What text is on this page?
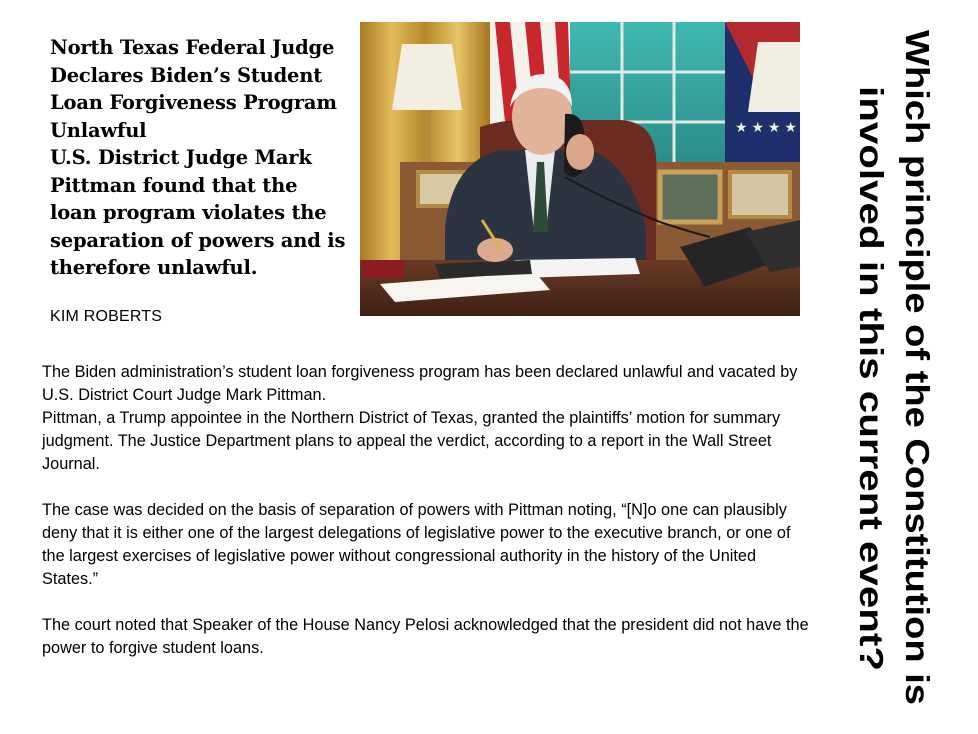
North Texas Federal Judge Declares Biden’s Student Loan Forgiveness Program Unlawful
U.S. District Judge Mark Pittman found that the loan program violates the separation of powers and is therefore unlawful.

KIM ROBERTS

★ ★ ★ ★

The Biden administration’s student loan forgiveness program has been declared unlawful and vacated by U.S. District Court Judge Mark Pittman.

Pittman, a Trump appointee in the Northern District of Texas, granted the plaintiffs’ motion for summary judgment. The Justice Department plans to appeal the verdict, according to a report in the Wall Street Journal.

The case was decided on the basis of separation of powers with Pittman noting, “[N]o one can plausibly deny that it is either one of the largest delegations of legislative power to the executive branch, or one of the largest exercises of legislative power without congressional authority in the history of the United States.”

The court noted that Speaker of the House Nancy Pelosi acknowledged that the president did not have the power to forgive student loans.

Which principle of the Constitution is
involved in this current event?
